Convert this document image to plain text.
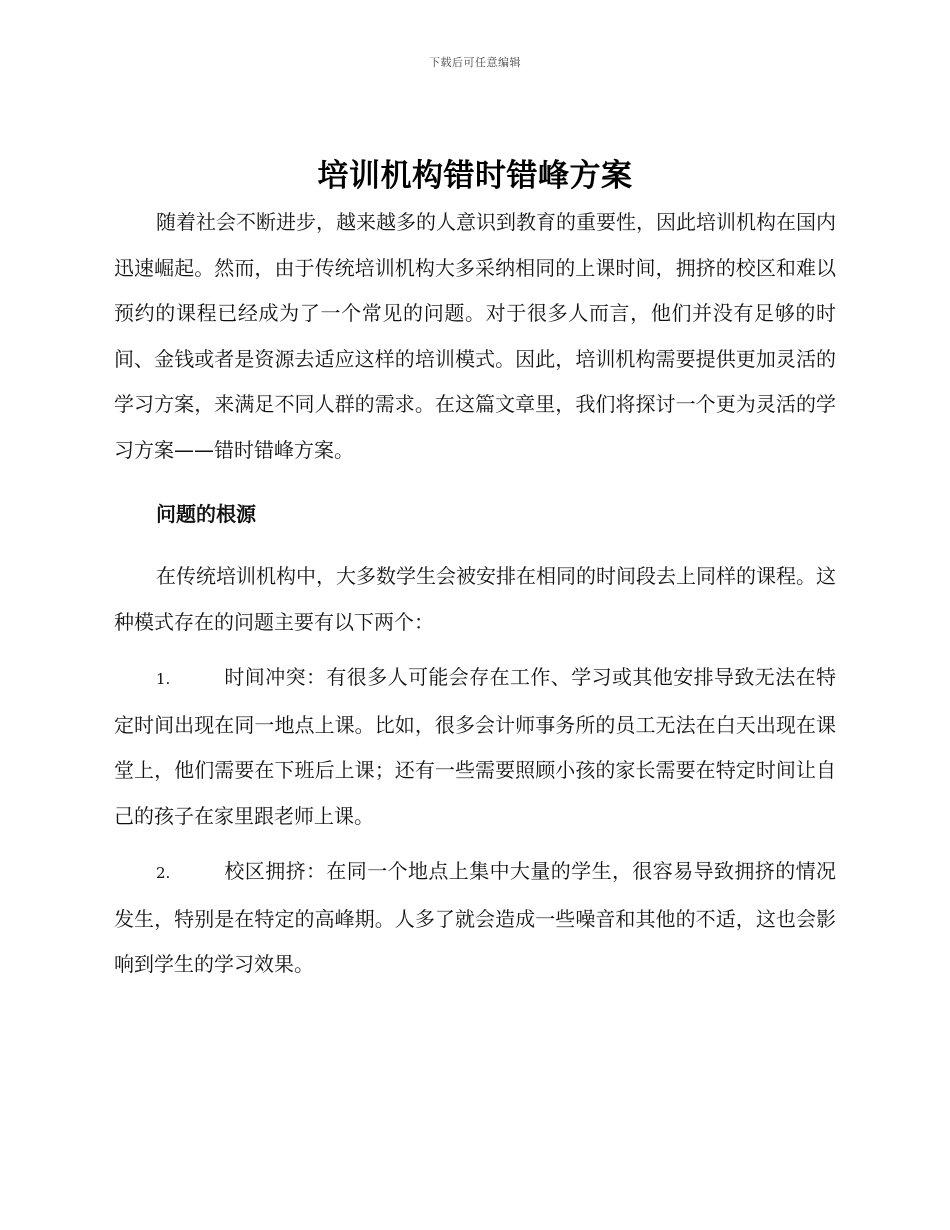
下载后可任意编辑
培训机构错时错峰方案

随着社会不断进步，越来越多的人意识到教育的重要性，因此培训机构在国内迅速崛起。然而，由于传统培训机构大多采纳相同的上课时间，拥挤的校区和难以预约的课程已经成为了一个常见的问题。对于很多人而言，他们并没有足够的时间、金钱或者是资源去适应这样的培训模式。因此，培训机构需要提供更加灵活的学习方案，来满足不同人群的需求。在这篇文章里，我们将探讨一个更为灵活的学习方案——错时错峰方案。

问题的根源

在传统培训机构中，大多数学生会被安排在相同的时间段去上同样的课程。这种模式存在的问题主要有以下两个：

1.	时间冲突：有很多人可能会存在工作、学习或其他安排导致无法在特定时间出现在同一地点上课。比如，很多会计师事务所的员工无法在白天出现在课堂上，他们需要在下班后上课；还有一些需要照顾小孩的家长需要在特定时间让自己的孩子在家里跟老师上课。

2.	校区拥挤：在同一个地点上集中大量的学生，很容易导致拥挤的情况发生，特别是在特定的高峰期。人多了就会造成一些噪音和其他的不适，这也会影响到学生的学习效果。
